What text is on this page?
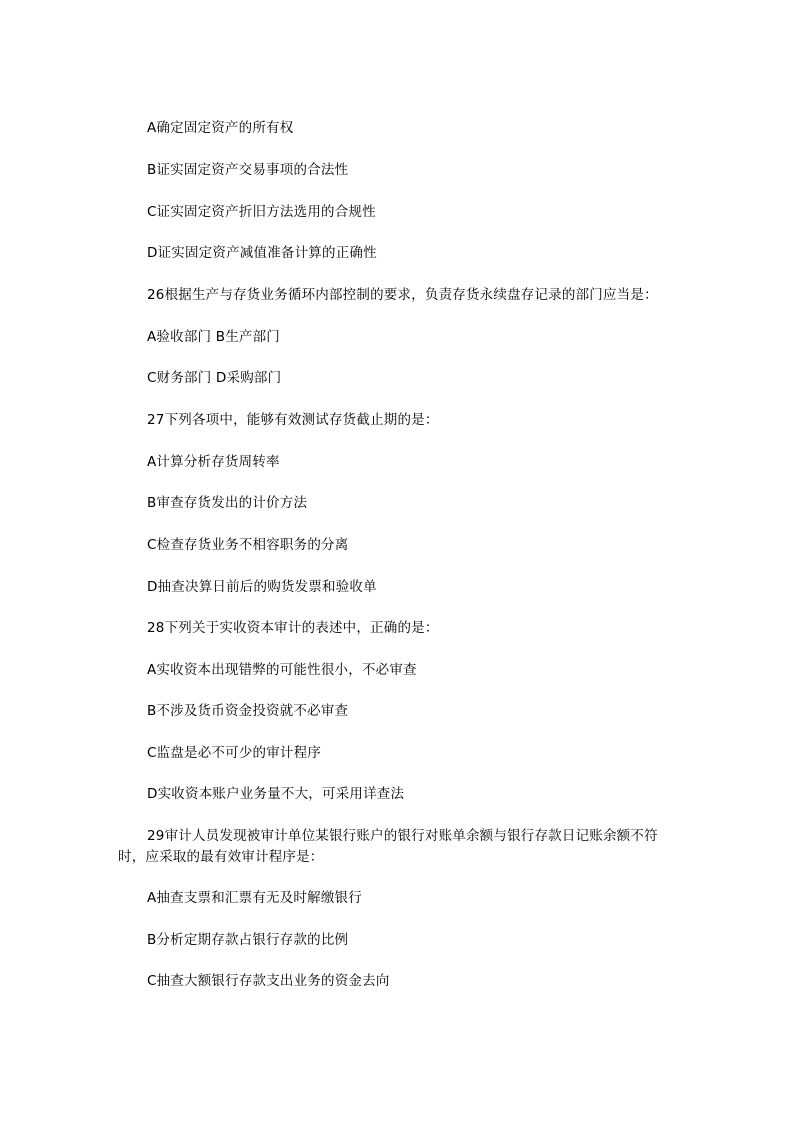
A确定固定资产的所有权
B证实固定资产交易事项的合法性
C证实固定资产折旧方法选用的合规性
D证实固定资产减值准备计算的正确性
26根据生产与存货业务循环内部控制的要求，负责存货永续盘存记录的部门应当是：
A验收部门 B生产部门
C财务部门 D采购部门
27下列各项中，能够有效测试存货截止期的是：
A计算分析存货周转率
B审查存货发出的计价方法
C检查存货业务不相容职务的分离
D抽查决算日前后的购货发票和验收单
28下列关于实收资本审计的表述中，正确的是：
A实收资本出现错弊的可能性很小，不必审查
B不涉及货币资金投资就不必审查
C监盘是必不可少的审计程序
D实收资本账户业务量不大，可采用详查法
29审计人员发现被审计单位某银行账户的银行对账单余额与银行存款日记账余额不符时，应采取的最有效审计程序是：
A抽查支票和汇票有无及时解缴银行
B分析定期存款占银行存款的比例
C抽查大额银行存款支出业务的资金去向
